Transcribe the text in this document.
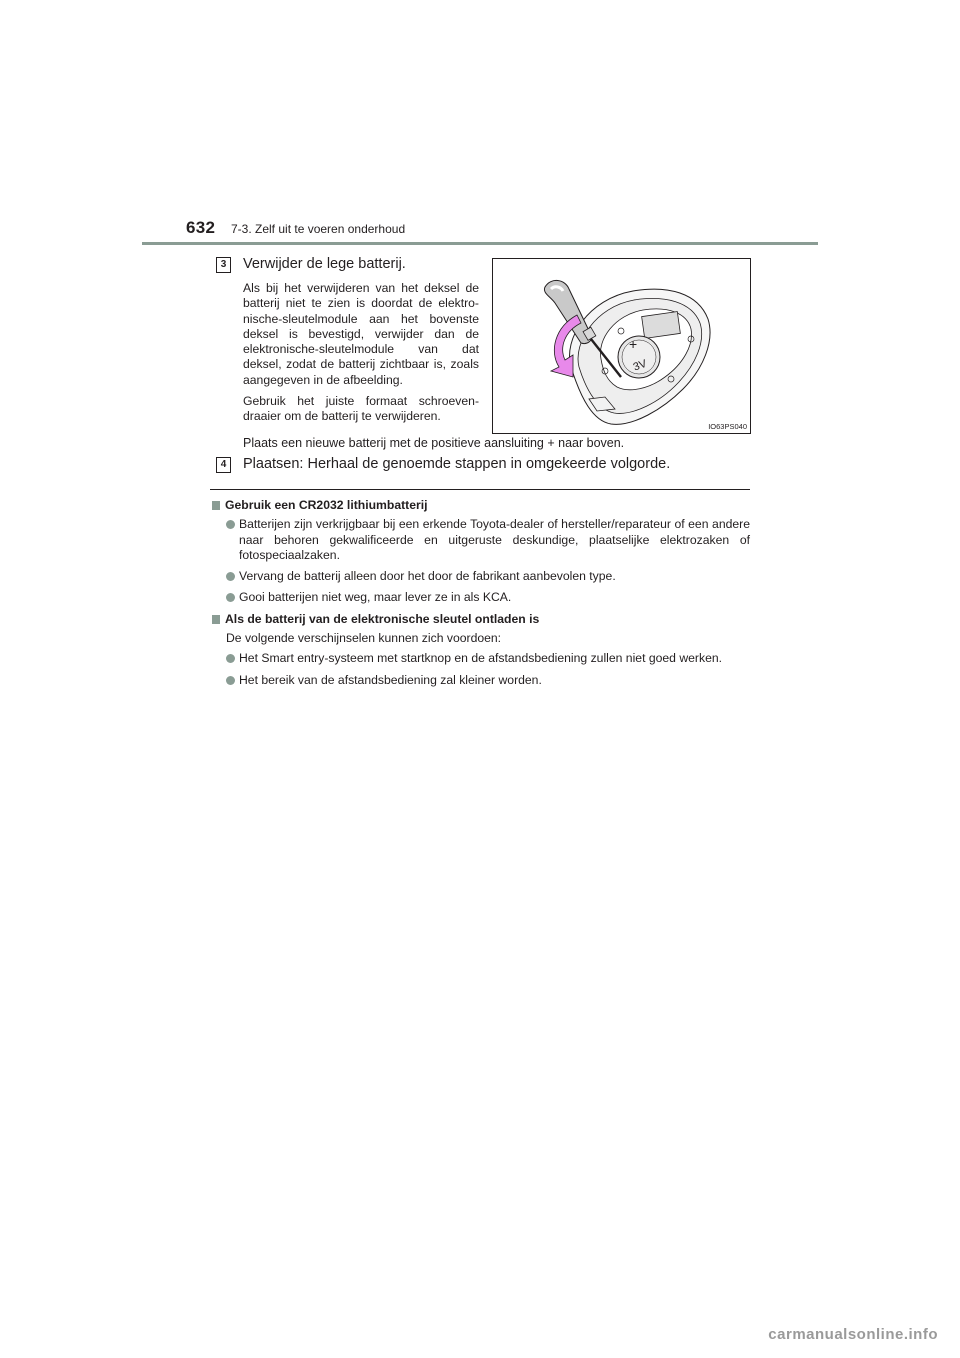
632 7-3. Zelf uit te voeren onderhoud
3	Verwijder de lege batterij.

Als bij het verwijderen van het deksel de batterij niet te zien is doordat de elektro-nische-sleutelmodule aan het bovenste deksel is bevestigd, verwijder dan de elektronische-sleutelmodule van dat deksel, zodat de batterij zichtbaar is, zoals aangegeven in de afbeelding.

Gebruik het juiste formaat schroeven-draaier om de batterij te verwijderen.

Plaats een nieuwe batterij met de positieve aansluiting + naar boven.
+
3V
IO63PS040
4	Plaatsen: Herhaal de genoemde stappen in omgekeerde volgorde.
Gebruik een CR2032 lithiumbatterij
Batterijen zijn verkrijgbaar bij een erkende Toyota-dealer of hersteller/reparateur of een andere naar behoren gekwalificeerde en uitgeruste deskundige, plaatselijke elektrozaken of fotospeciaalzaken.
Vervang de batterij alleen door het door de fabrikant aanbevolen type.
Gooi batterijen niet weg, maar lever ze in als KCA.
Als de batterij van de elektronische sleutel ontladen is
De volgende verschijnselen kunnen zich voordoen:
Het Smart entry-systeem met startknop en de afstandsbediening zullen niet goed werken.
Het bereik van de afstandsbediening zal kleiner worden.
carmanualsonline.info
